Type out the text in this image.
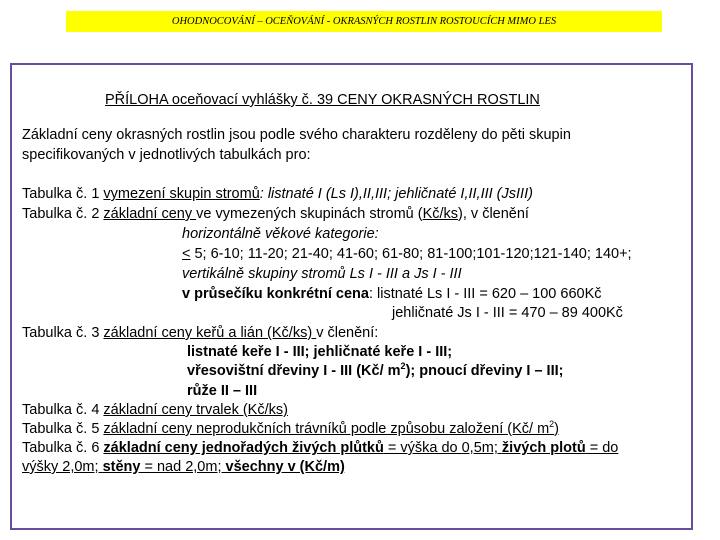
OHODNOCOVÁNÍ – OCEŇOVÁNÍ - OKRASNÝCH ROSTLIN ROSTOUCÍCH MIMO LES
PŘÍLOHA oceňovací vyhlášky č. 39 CENY OKRASNÝCH ROSTLIN
Základní ceny okrasných rostlin jsou podle svého charakteru rozděleny do pěti skupin
specifikovaných v jednotlivých tabulkách pro:
Tabulka č. 1 vymezení skupin stromů: listnaté I (Ls I),II,III; jehličnaté I,II,III (JsIII)
Tabulka č. 2 základní ceny ve vymezených skupinách stromů (Kč/ks), v členění
horizontálně věkové kategorie:
< 5; 6-10; 11-20; 21-40; 41-60; 61-80; 81-100;101-120;121-140; 140+;
vertikálně skupiny stromů Ls I - III a Js I - III
v průsečíku konkrétní cena: listnaté Ls I - III = 620 – 100 660Kč
jehličnaté Js I - III = 470 – 89 400Kč
Tabulka č. 3 základní ceny keřů a lián (Kč/ks) v členění:
listnaté keře I - III; jehličnaté keře I - III;
vřesovištní dřeviny I - III (Kč/ $m^2$); pnoucí dřeviny I – III;
růže II – III
Tabulka č. 4 základní ceny trvalek (Kč/ks)
Tabulka č. 5 základní ceny neprodukčních trávníků podle způsobu založení (Kč/ $m^2$)
Tabulka č. 6 základní ceny jednořadých živých plůtků = výška do 0,5m; živých plotů = do
výšky 2,0m; stěny = nad 2,0m; všechny v (Kč/m)
